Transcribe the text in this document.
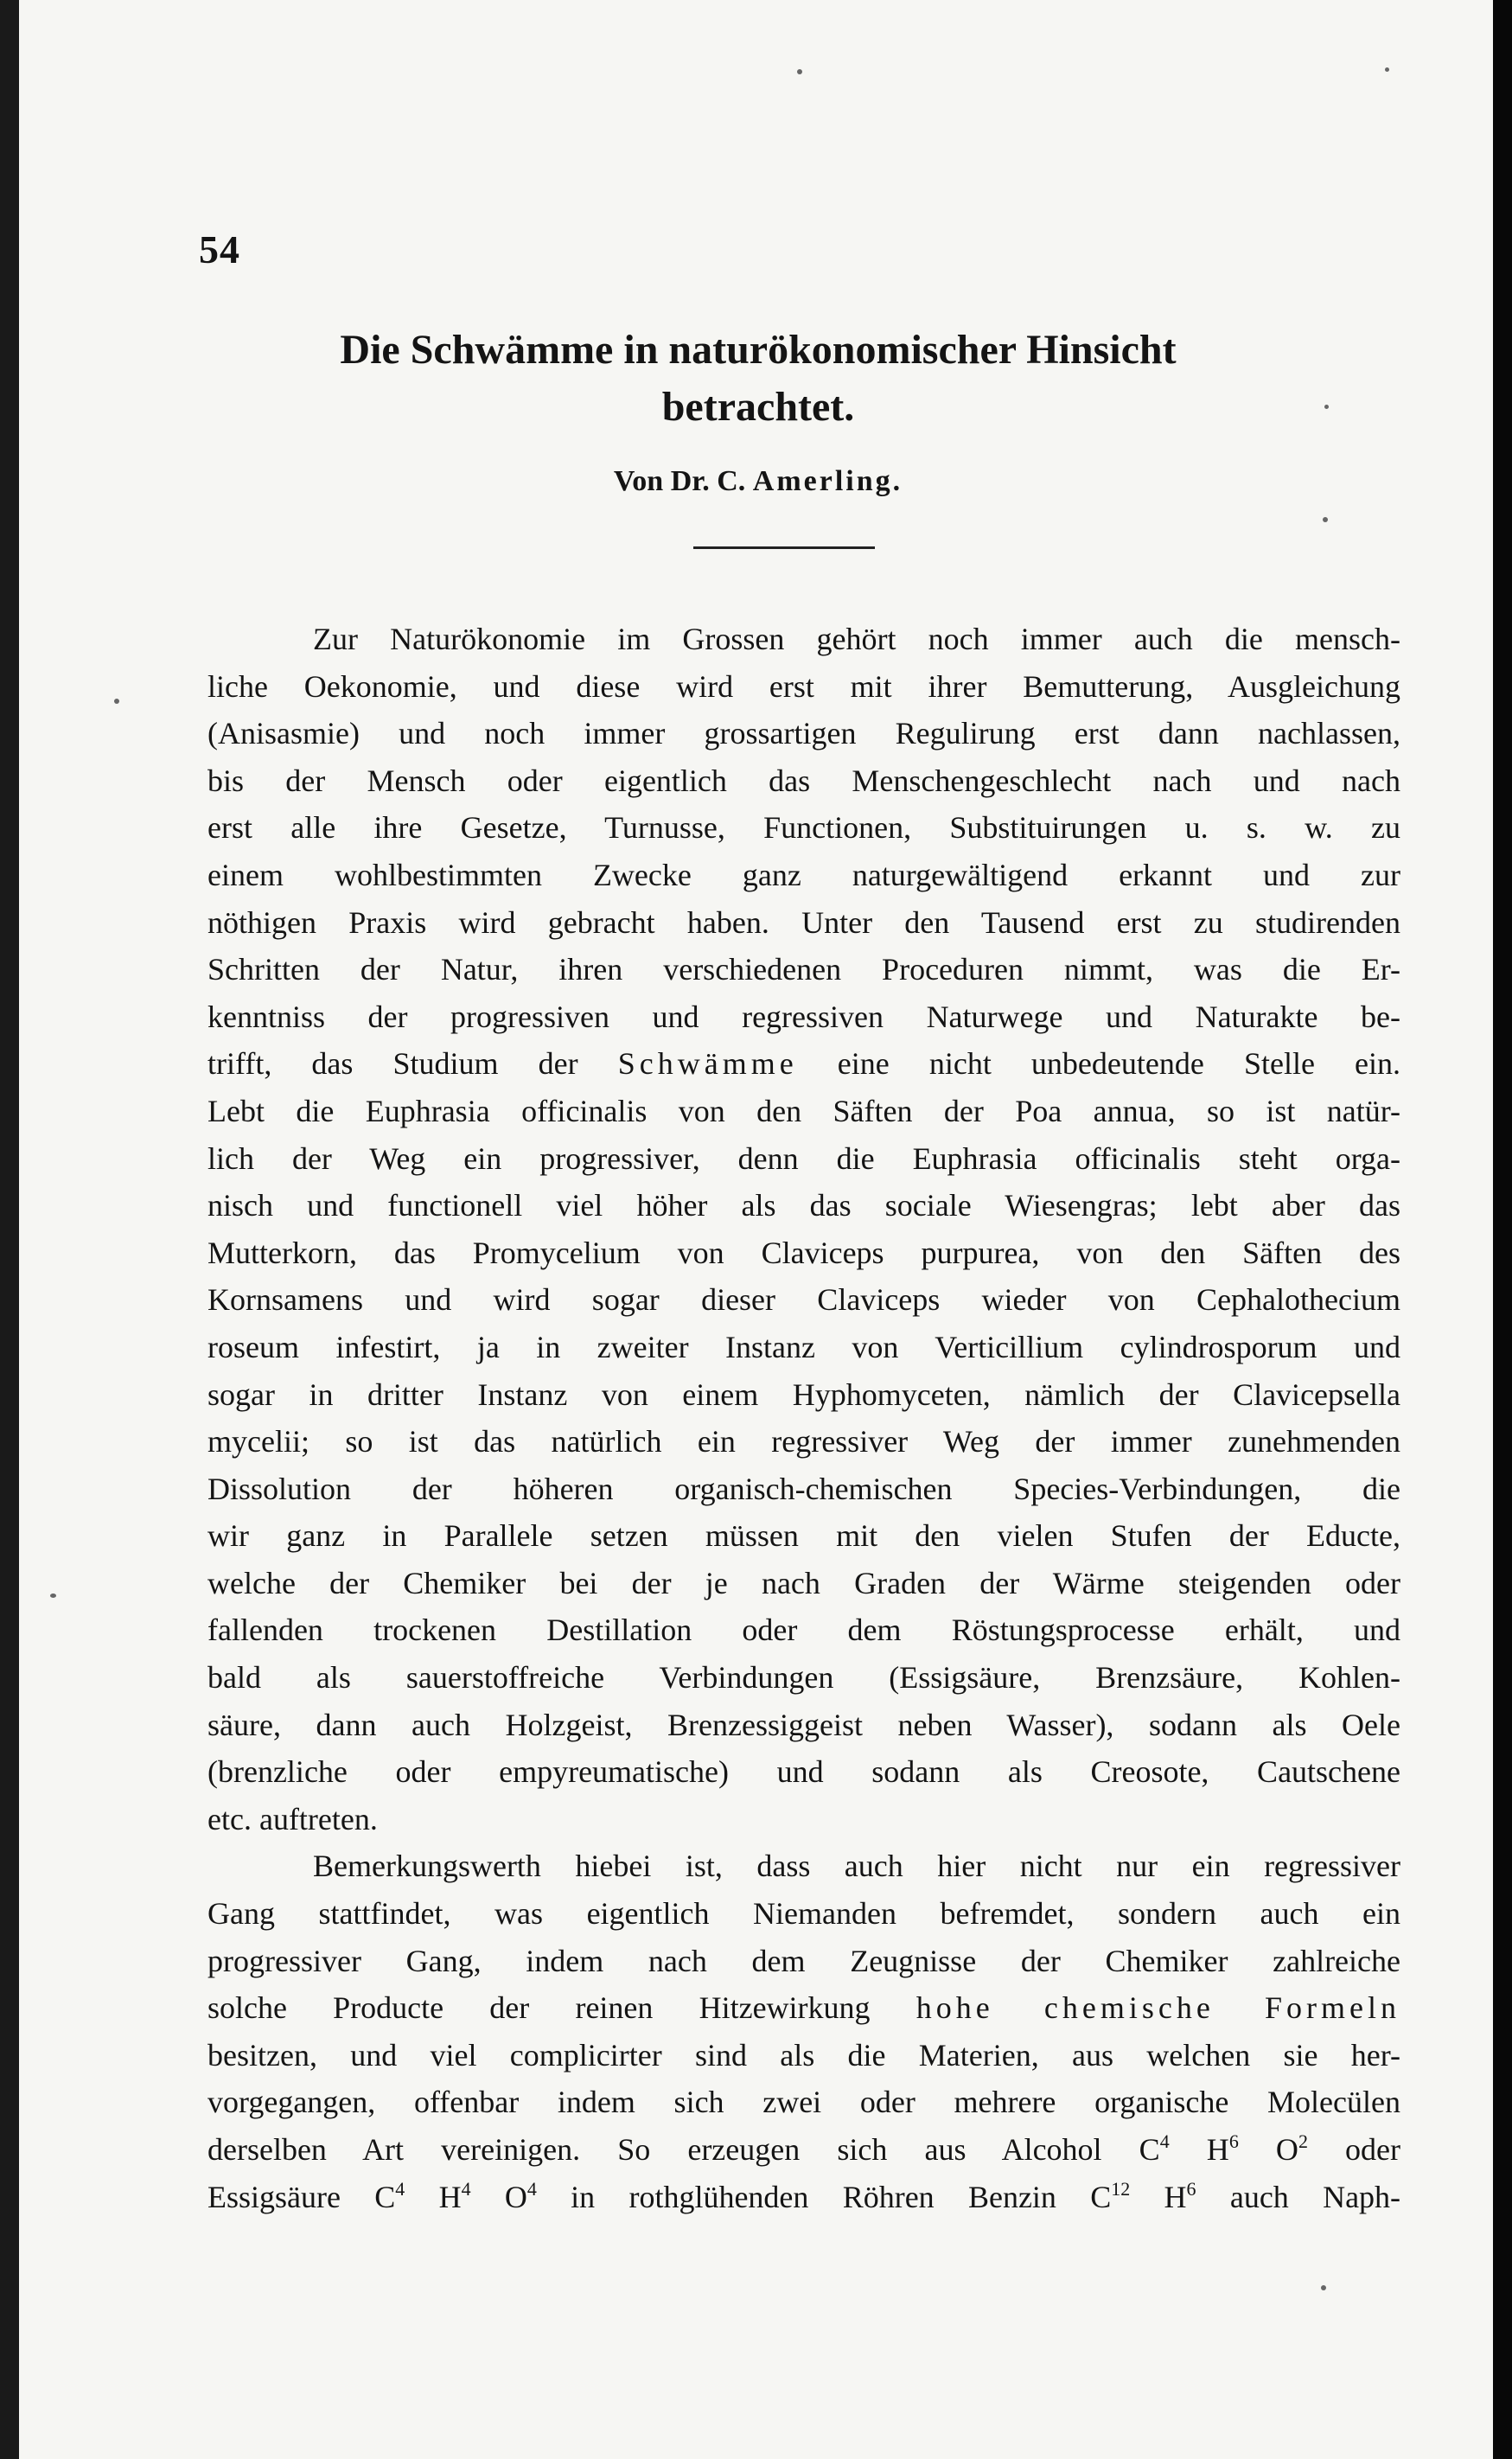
54
Die Schwämme in naturökonomischer Hinsicht
betrachtet.
Von Dr. C. Amerling.
Zur Naturökonomie im Grossen gehört noch immer auch die mensch-
liche Oekonomie, und diese wird erst mit ihrer Bemutterung, Ausgleichung
(Anisasmie) und noch immer grossartigen Regulirung erst dann nachlassen,
bis der Mensch oder eigentlich das Menschengeschlecht nach und nach
erst alle ihre Gesetze, Turnusse, Functionen, Substituirungen u. s. w. zu
einem wohlbestimmten Zwecke ganz naturgewältigend erkannt und zur
nöthigen Praxis wird gebracht haben. Unter den Tausend erst zu studirenden
Schritten der Natur, ihren verschiedenen Proceduren nimmt, was die Er-
kenntniss der progressiven und regressiven Naturwege und Naturakte be-
trifft, das Studium der Schwämme eine nicht unbedeutende Stelle ein.
Lebt die Euphrasia officinalis von den Säften der Poa annua, so ist natür-
lich der Weg ein progressiver, denn die Euphrasia officinalis steht orga-
nisch und functionell viel höher als das sociale Wiesengras; lebt aber das
Mutterkorn, das Promycelium von Claviceps purpurea, von den Säften des
Kornsamens und wird sogar dieser Claviceps wieder von Cephalothecium
roseum infestirt, ja in zweiter Instanz von Verticillium cylindrosporum und
sogar in dritter Instanz von einem Hyphomyceten, nämlich der Clavicepsella
mycelii; so ist das natürlich ein regressiver Weg der immer zunehmenden
Dissolution der höheren organisch-chemischen Species-Verbindungen, die
wir ganz in Parallele setzen müssen mit den vielen Stufen der Educte,
welche der Chemiker bei der je nach Graden der Wärme steigenden oder
fallenden trockenen Destillation oder dem Röstungsprocesse erhält, und
bald als sauerstoffreiche Verbindungen (Essigsäure, Brenzsäure, Kohlen-
säure, dann auch Holzgeist, Brenzessiggeist neben Wasser), sodann als Oele
(brenzliche oder empyreumatische) und sodann als Creosote, Cautschene
etc. auftreten.
Bemerkungswerth hiebei ist, dass auch hier nicht nur ein regressiver
Gang stattfindet, was eigentlich Niemanden befremdet, sondern auch ein
progressiver Gang, indem nach dem Zeugnisse der Chemiker zahlreiche
solche Producte der reinen Hitzewirkung hohe chemische Formeln
besitzen, und viel complicirter sind als die Materien, aus welchen sie her-
vorgegangen, offenbar indem sich zwei oder mehrere organische Molecülen
derselben Art vereinigen. So erzeugen sich aus Alcohol $C^4$ $H^6$ $O^2$ oder
Essigsäure $C^4$ $H^4$ $O^4$ in rothglühenden Röhren Benzin $C^{12}$ $H^6$ auch Naph-
